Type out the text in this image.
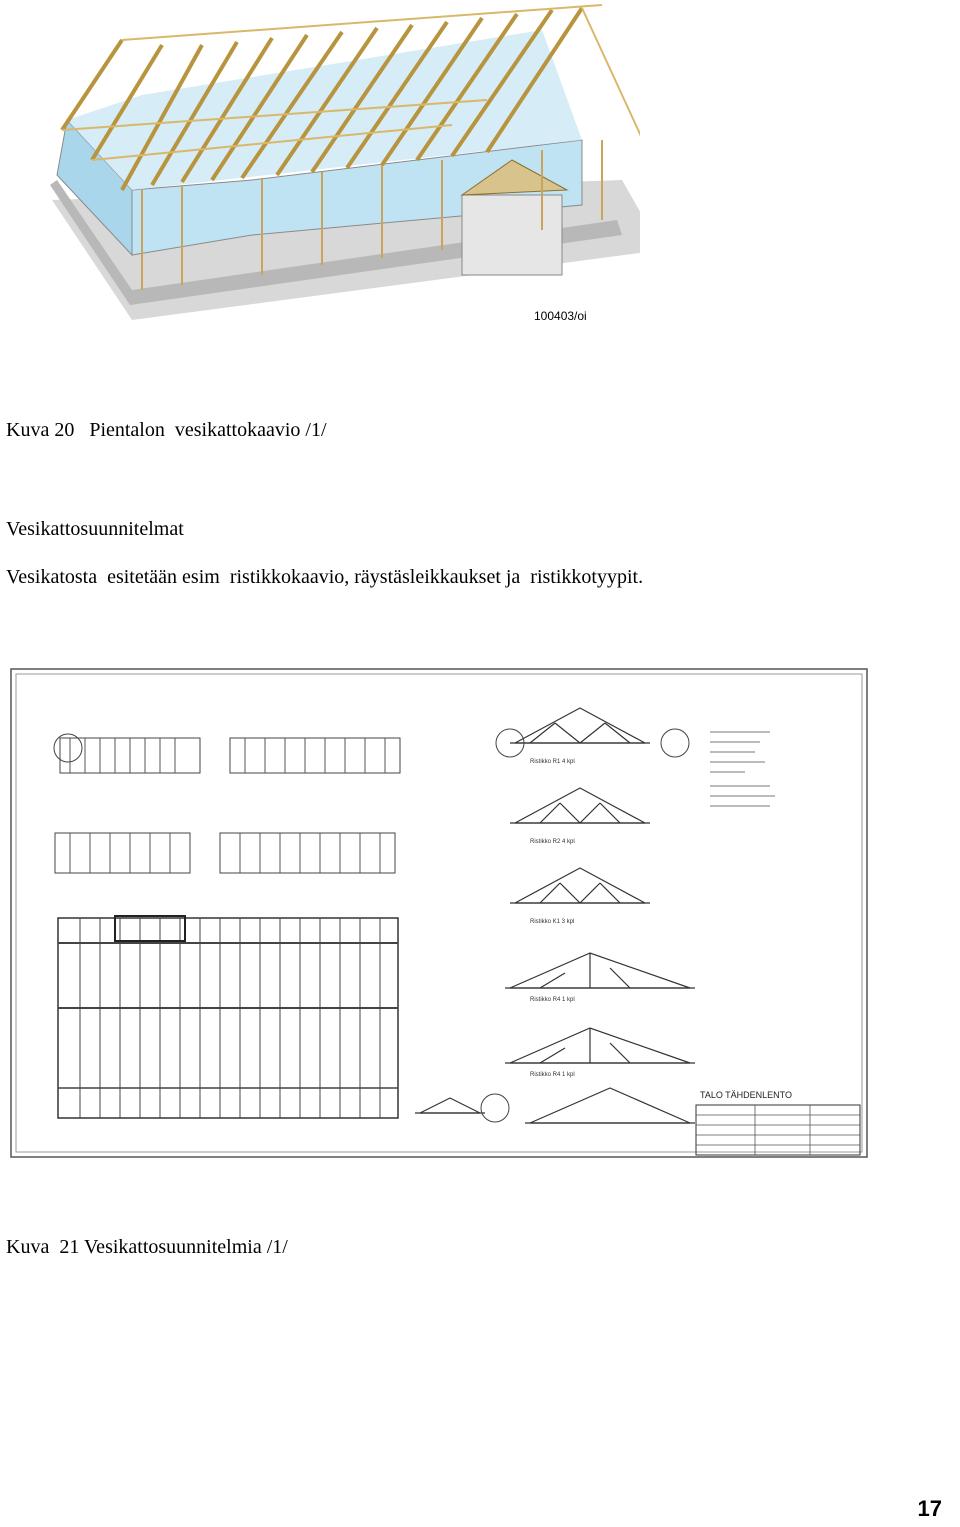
100403/oi
Kuva 20   Pientalon  vesikattokaavio /1/
Vesikattosuunnitelmat
Vesikatosta  esitetään esim  ristikkokaavio, räystäsleikkaukset ja  ristikkotyypit.
Ristikko R1 4 kpl
Ristikko R2 4 kpl
Ristikko K1 3 kpl
Ristikko R4 1 kpl
Ristikko R4 1 kpl
TALO TÄHDENLENTO
Kuva  21 Vesikattosuunnitelmia /1/
17
